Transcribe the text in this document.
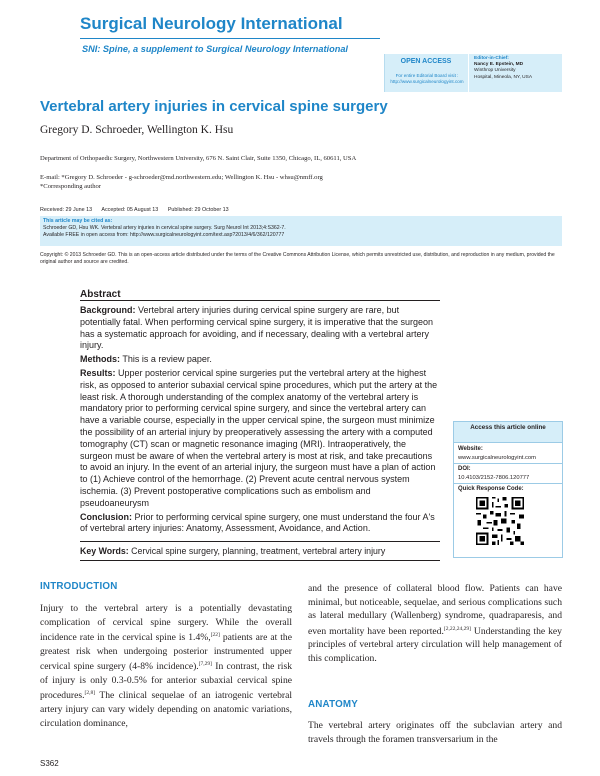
Surgical Neurology International
SNI: Spine, a supplement to Surgical Neurology International
OPEN ACCESS
For entire Editorial Board visit :
http://www.surgicalneurologyint.com
Editor-in-Chief:
Nancy E. Epstein, MD
Winthrop University
Hospital, Mineola, NY, USA
Vertebral artery injuries in cervical spine surgery
Gregory D. Schroeder, Wellington K. Hsu
Department of Orthopaedic Surgery, Northwestern University, 676 N. Saint Clair, Suite 1350, Chicago, IL, 60611, USA
E-mail: *Gregory D. Schroeder - g-schroeder@md.northwestern.edu; Wellington K. Hsu - whsu@nmff.org
*Corresponding author
Received: 29 June 13 Accepted: 05 August 13 Published: 29 October 13
This article may be cited as:
Schroeder GD, Hsu WK. Vertebral artery injuries in cervical spine surgery. Surg Neurol Int 2013;4:S362-7.
Available FREE in open access from: http://www.surgicalneurologyint.com/text.asp?2013/4/6/362/120777
Copyright: © 2013 Schroeder GD. This is an open-access article distributed under the terms of the Creative Commons Attribution License, which permits unrestricted use, distribution, and reproduction in any medium, provided the original author and source are credited.
Abstract

Background: Vertebral artery injuries during cervical spine surgery are rare, but potentially fatal. When performing cervical spine surgery, it is imperative that the surgeon has a systematic approach for avoiding, and if necessary, dealing with a vertebral artery injury.

Methods: This is a review paper.

Results: Upper posterior cervical spine surgeries put the vertebral artery at the highest risk, as opposed to anterior subaxial cervical spine procedures, which put the artery at the least risk. A thorough understanding of the complex anatomy of the vertebral artery is mandatory prior to performing cervical spine surgery, and since the vertebral artery can have a variable course, especially in the upper cervical spine, the surgeon must minimize the possibility of an arterial injury by preoperatively assessing the artery with a computed tomography (CT) scan or magnetic resonance imaging (MRI). Intraoperatively, the surgeon must be aware of when the vertebral artery is most at risk, and take precautions to avoid an injury. In the event of an arterial injury, the surgeon must have a plan of action to (1) Achieve control of the hemorrhage. (2) Prevent acute central nervous system ischemia. (3) Prevent postoperative complications such as embolism and pseudoaneurysm

Conclusion: Prior to performing cervical spine surgery, one must understand the four A's of vertebral artery injuries: Anatomy, Assessment, Avoidance, and Action.

Key Words: Cervical spine surgery, planning, treatment, vertebral artery injury
Access this article online
Website:
www.surgicalneurologyint.com
DOI:
10.4103/2152-7806.120777
Quick Response Code:
INTRODUCTION
Injury to the vertebral artery is a potentially devastating complication of cervical spine surgery. While the overall incidence rate in the cervical spine is 1.4%,[22] patients are at the greatest risk when undergoing posterior instrumented upper cervical spine surgery (4-8% incidence).[7,29] In contrast, the risk of injury is only 0.3-0.5% for anterior subaxial cervical spine procedures.[2,8] The clinical sequelae of an iatrogenic vertebral artery injury can vary widely depending on anatomic variations, circulation dominance,
and the presence of collateral blood flow. Patients can have minimal, but noticeable, sequelae, and serious complications such as lateral medullary (Wallenberg) syndrome, quadraparesis, and even mortality have been reported.[2,22,24,29] Understanding the key principles of vertebral artery circulation will help management of this complication.
ANATOMY
The vertebral artery originates off the subclavian artery and travels through the foramen transversarium in the
S362
